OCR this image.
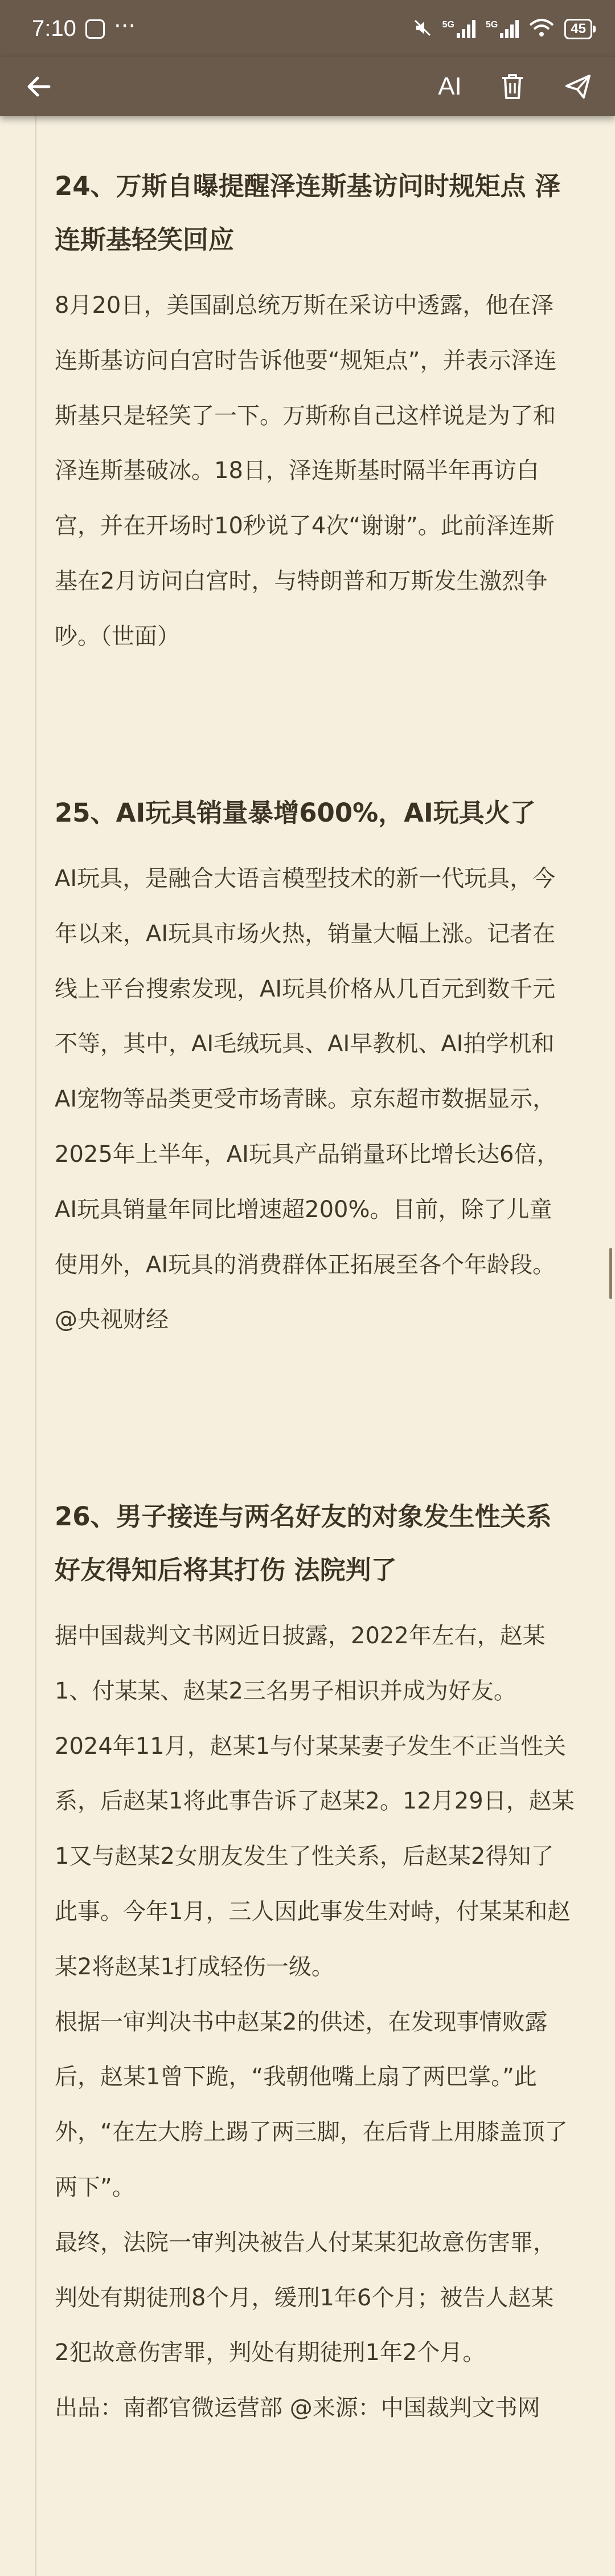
7:10 ···	5G	5G	45
AI
24、万斯自曝提醒泽连斯基访问时规矩点 泽
连斯基轻笑回应
8月20日，美国副总统万斯在采访中透露，他在泽
连斯基访问白宫时告诉他要“规矩点”，并表示泽连
斯基只是轻笑了一下。万斯称自己这样说是为了和
泽连斯基破冰。18日，泽连斯基时隔半年再访白
宫，并在开场时10秒说了4次“谢谢”。此前泽连斯
基在2月访问白宫时，与特朗普和万斯发生激烈争
吵。（世面）
25、AI玩具销量暴增600%，AI玩具火了
AI玩具，是融合大语言模型技术的新一代玩具，今
年以来，AI玩具市场火热，销量大幅上涨。记者在
线上平台搜索发现，AI玩具价格从几百元到数千元
不等，其中，AI毛绒玩具、AI早教机、AI拍学机和
AI宠物等品类更受市场青睐。京东超市数据显示，
2025年上半年，AI玩具产品销量环比增长达6倍，
AI玩具销量年同比增速超200%。目前，除了儿童
使用外，AI玩具的消费群体正拓展至各个年龄段。
@央视财经
26、男子接连与两名好友的对象发生性关系
好友得知后将其打伤 法院判了
据中国裁判文书网近日披露，2022年左右，赵某
1、付某某、赵某2三名男子相识并成为好友。
2024年11月，赵某1与付某某妻子发生不正当性关
系，后赵某1将此事告诉了赵某2。12月29日，赵某
1又与赵某2女朋友发生了性关系，后赵某2得知了
此事。今年1月，三人因此事发生对峙，付某某和赵
某2将赵某1打成轻伤一级。
根据一审判决书中赵某2的供述，在发现事情败露
后，赵某1曾下跪，“我朝他嘴上扇了两巴掌。”此
外，“在左大胯上踢了两三脚，在后背上用膝盖顶了
两下”。
最终，法院一审判决被告人付某某犯故意伤害罪，
判处有期徒刑8个月，缓刑1年6个月；被告人赵某
2犯故意伤害罪，判处有期徒刑1年2个月。
出品：南都官微运营部 @来源：中国裁判文书网
